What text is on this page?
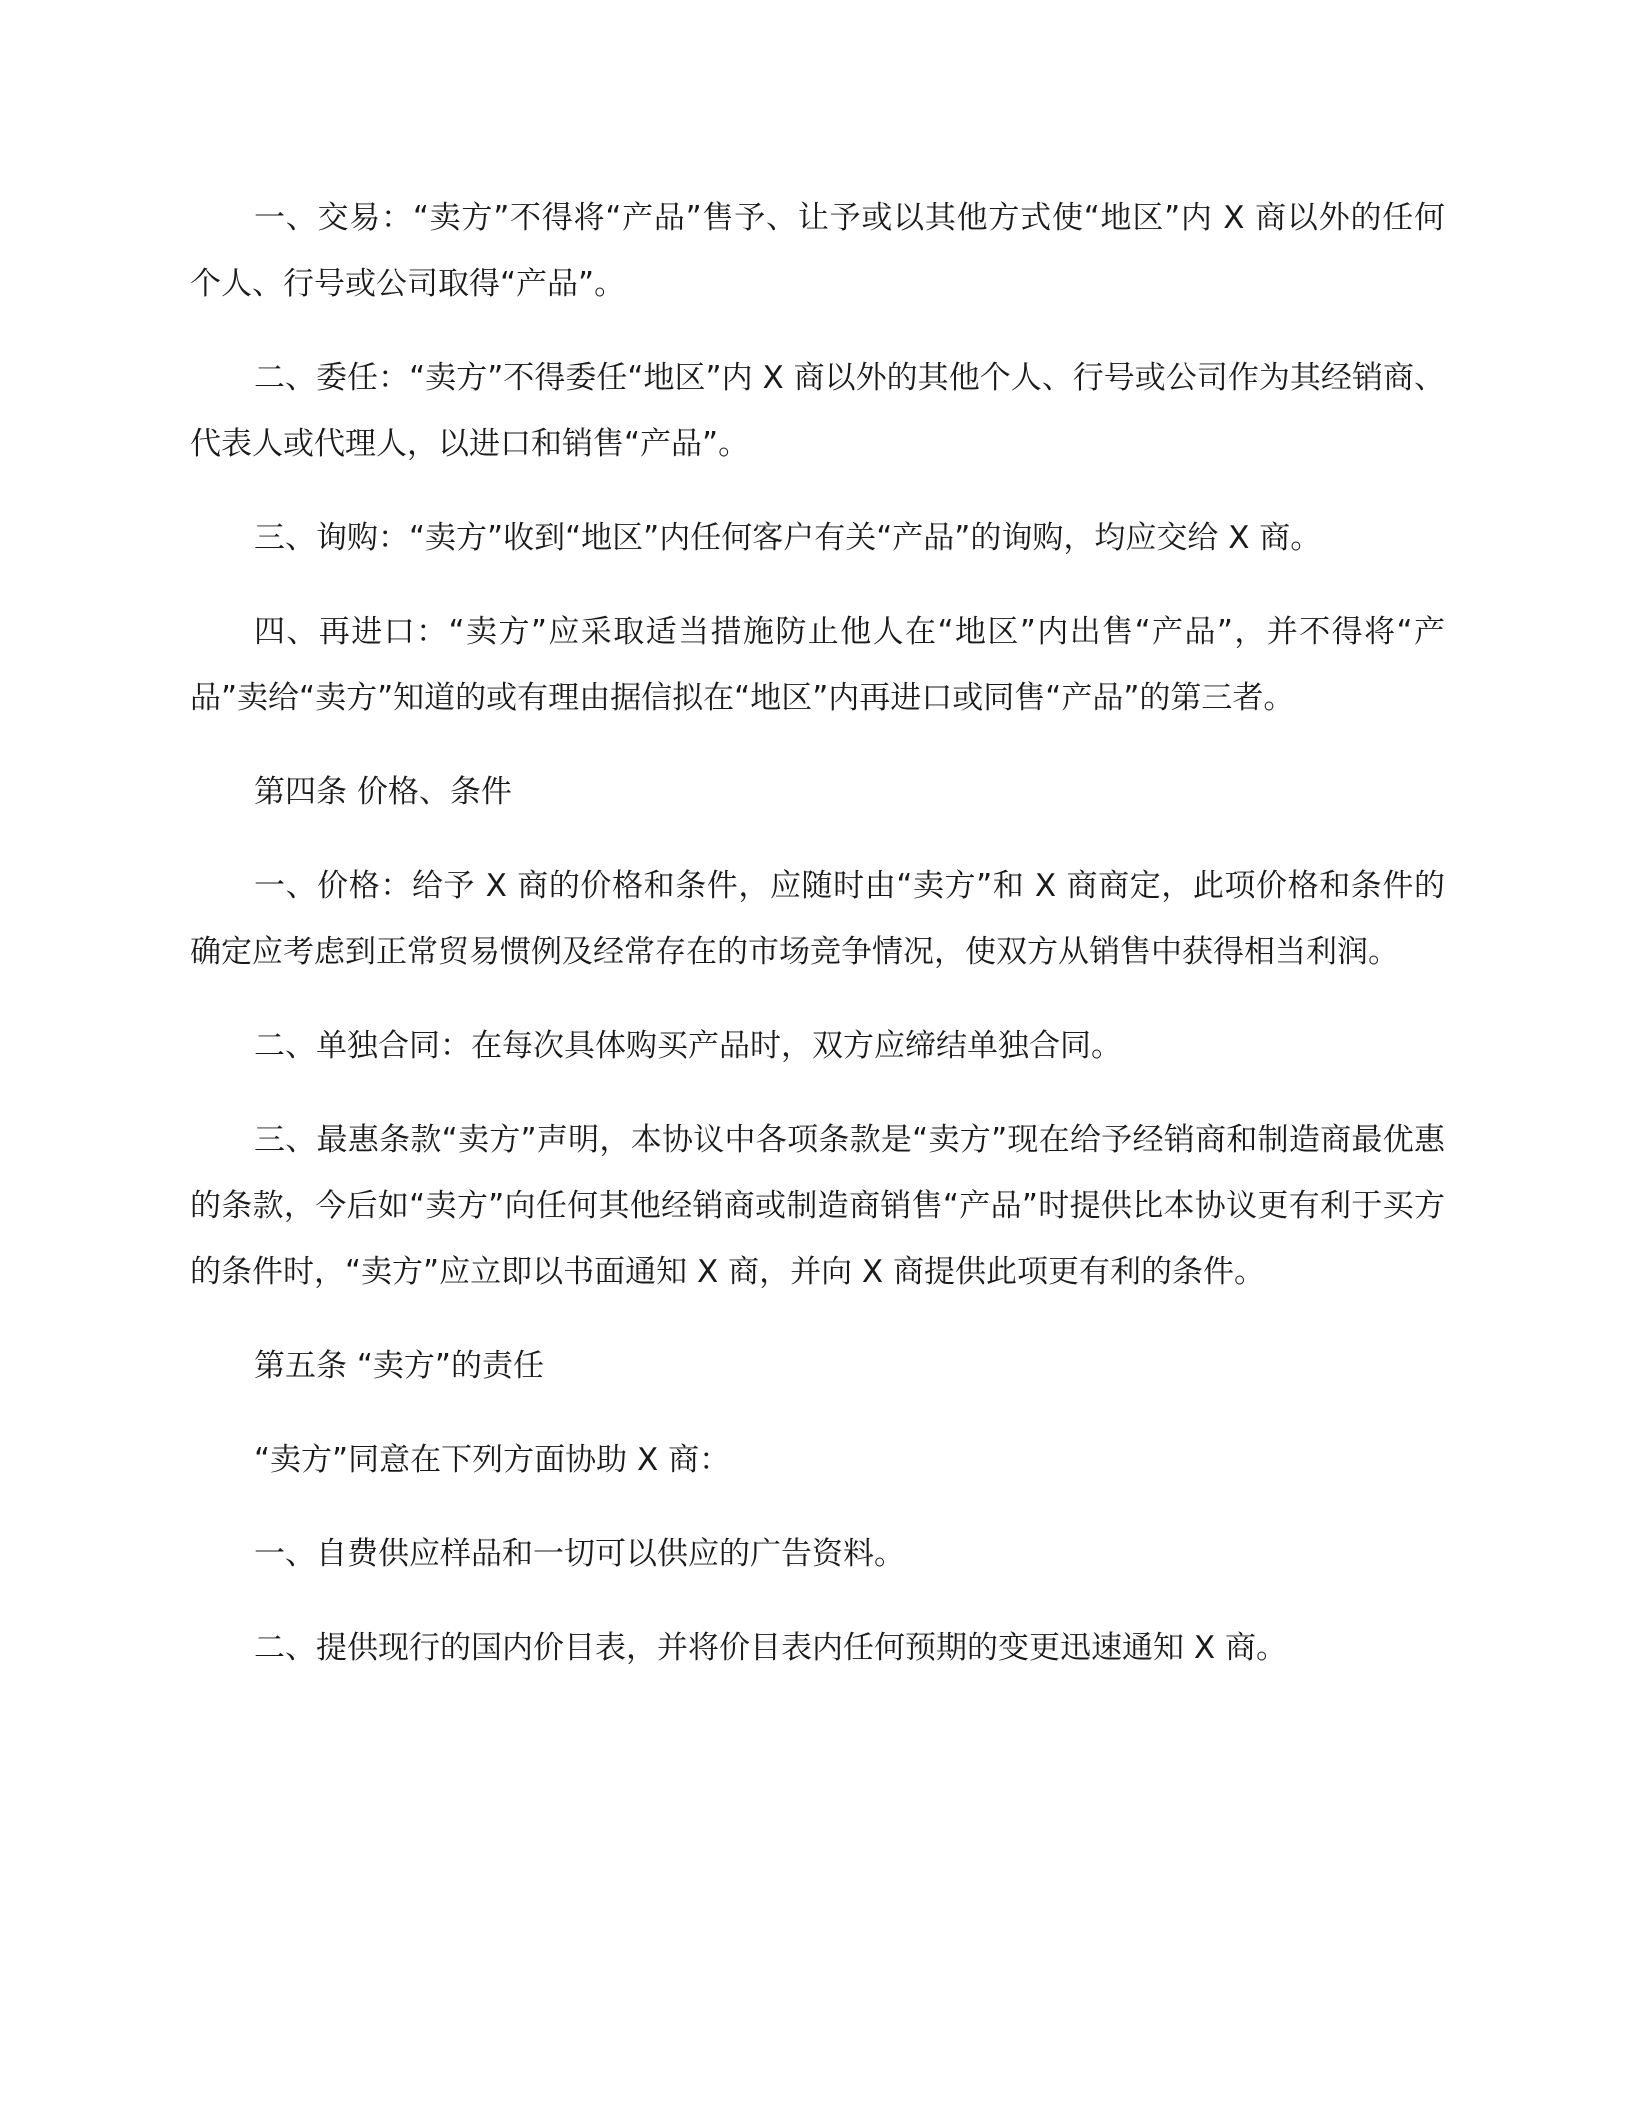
一、交易：“卖方”不得将“产品”售予、让予或以其他方式使“地区”内 X 商以外的任何个人、行号或公司取得“产品”。

二、委任：“卖方”不得委任“地区”内 X 商以外的其他个人、行号或公司作为其经销商、代表人或代理人，以进口和销售“产品”。

三、询购：“卖方”收到“地区”内任何客户有关“产品”的询购，均应交给 X 商。

四、再进口：“卖方”应采取适当措施防止他人在“地区”内出售“产品”，并不得将“产品”卖给“卖方”知道的或有理由据信拟在“地区”内再进口或同售“产品”的第三者。

第四条 价格、条件

一、价格：给予 X 商的价格和条件，应随时由“卖方”和 X 商商定，此项价格和条件的确定应考虑到正常贸易惯例及经常存在的市场竞争情况，使双方从销售中获得相当利润。

二、单独合同：在每次具体购买产品时，双方应缔结单独合同。

三、最惠条款“卖方”声明，本协议中各项条款是“卖方”现在给予经销商和制造商最优惠的条款，今后如“卖方”向任何其他经销商或制造商销售“产品”时提供比本协议更有利于买方的条件时，“卖方”应立即以书面通知 X 商，并向 X 商提供此项更有利的条件。

第五条 “卖方”的责任

“卖方”同意在下列方面协助 X 商：

一、自费供应样品和一切可以供应的广告资料。

二、提供现行的国内价目表，并将价目表内任何预期的变更迅速通知 X 商。
